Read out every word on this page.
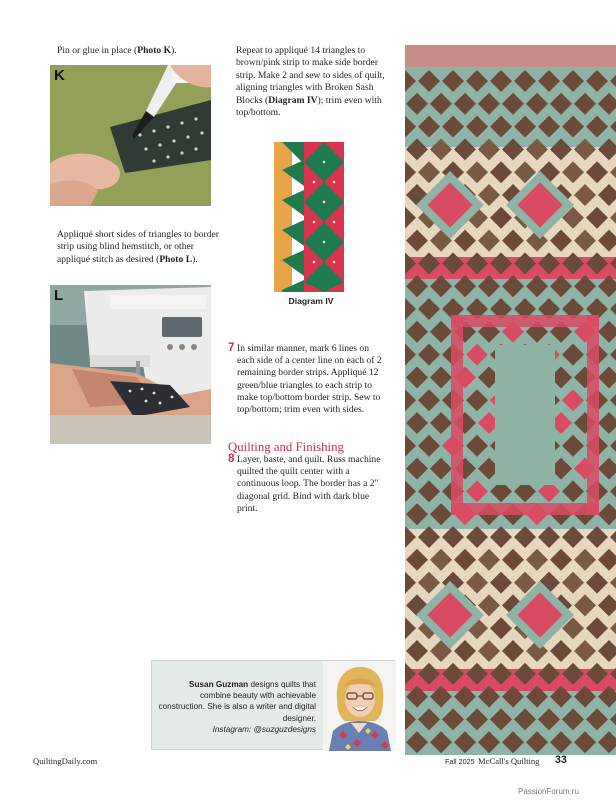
Pin or glue in place (Photo K).
K
Appliqué short sides of triangles to border strip using blind hemstitch, or other appliqué stitch as desired (Photo L).
L
Repeat to appliqué 14 triangles to brown/pink strip to make side border strip. Make 2 and sew to sides of quilt, aligning triangles with Broken Sash Blocks (Diagram IV); trim even with top/bottom.
Diagram IV
7 In similar manner, mark 6 lines on each side of a center line on each of 2 remaining border strips. Appliqué 12 green/blue triangles to each strip to make top/bottom border strip. Sew to top/bottom; trim even with sides.
Quilting and Finishing
8 Layer, baste, and quilt. Russ machine quilted the quilt center with a continuous loop. The border has a 2" diagonal grid. Bind with dark blue print.
Susan Guzman designs quilts that combine beauty with achievable construction. She is also a writer and digital designer.
Instagram: @suzguzdesigns
QuiltingDaily.com	Fall 2025 McCall's Quilting 33
PassionForum.ru
